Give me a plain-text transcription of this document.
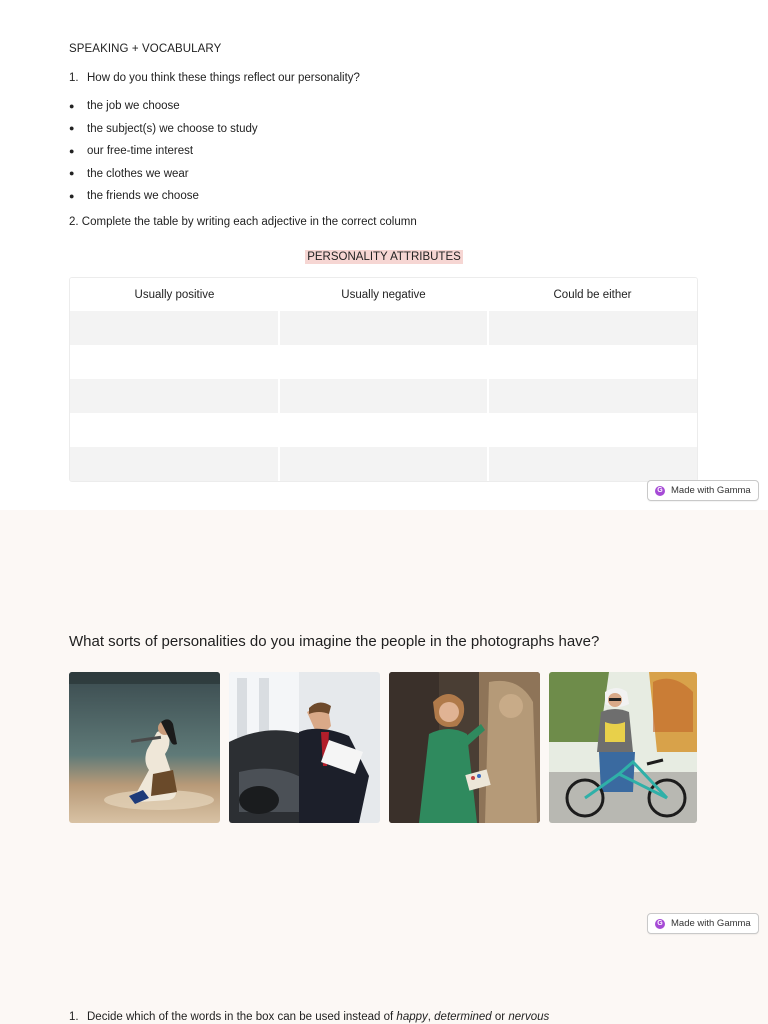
SPEAKING + VOCABULARY
1. How do you think these things reflect our personality?
●	the job we choose
●	the subject(s) we choose to study
●	our free-time interest
●	the clothes we wear
●	the friends we choose
2. Complete the table by writing each adjective in the correct column
PERSONALITY ATTRIBUTES
Usually positive	Usually negative	Could be either
G Made with Gamma
What sorts of personalities do you imagine the people in the photographs have?
G Made with Gamma
1. Decide which of the words in the box can be used instead of happy, determined or nervous
